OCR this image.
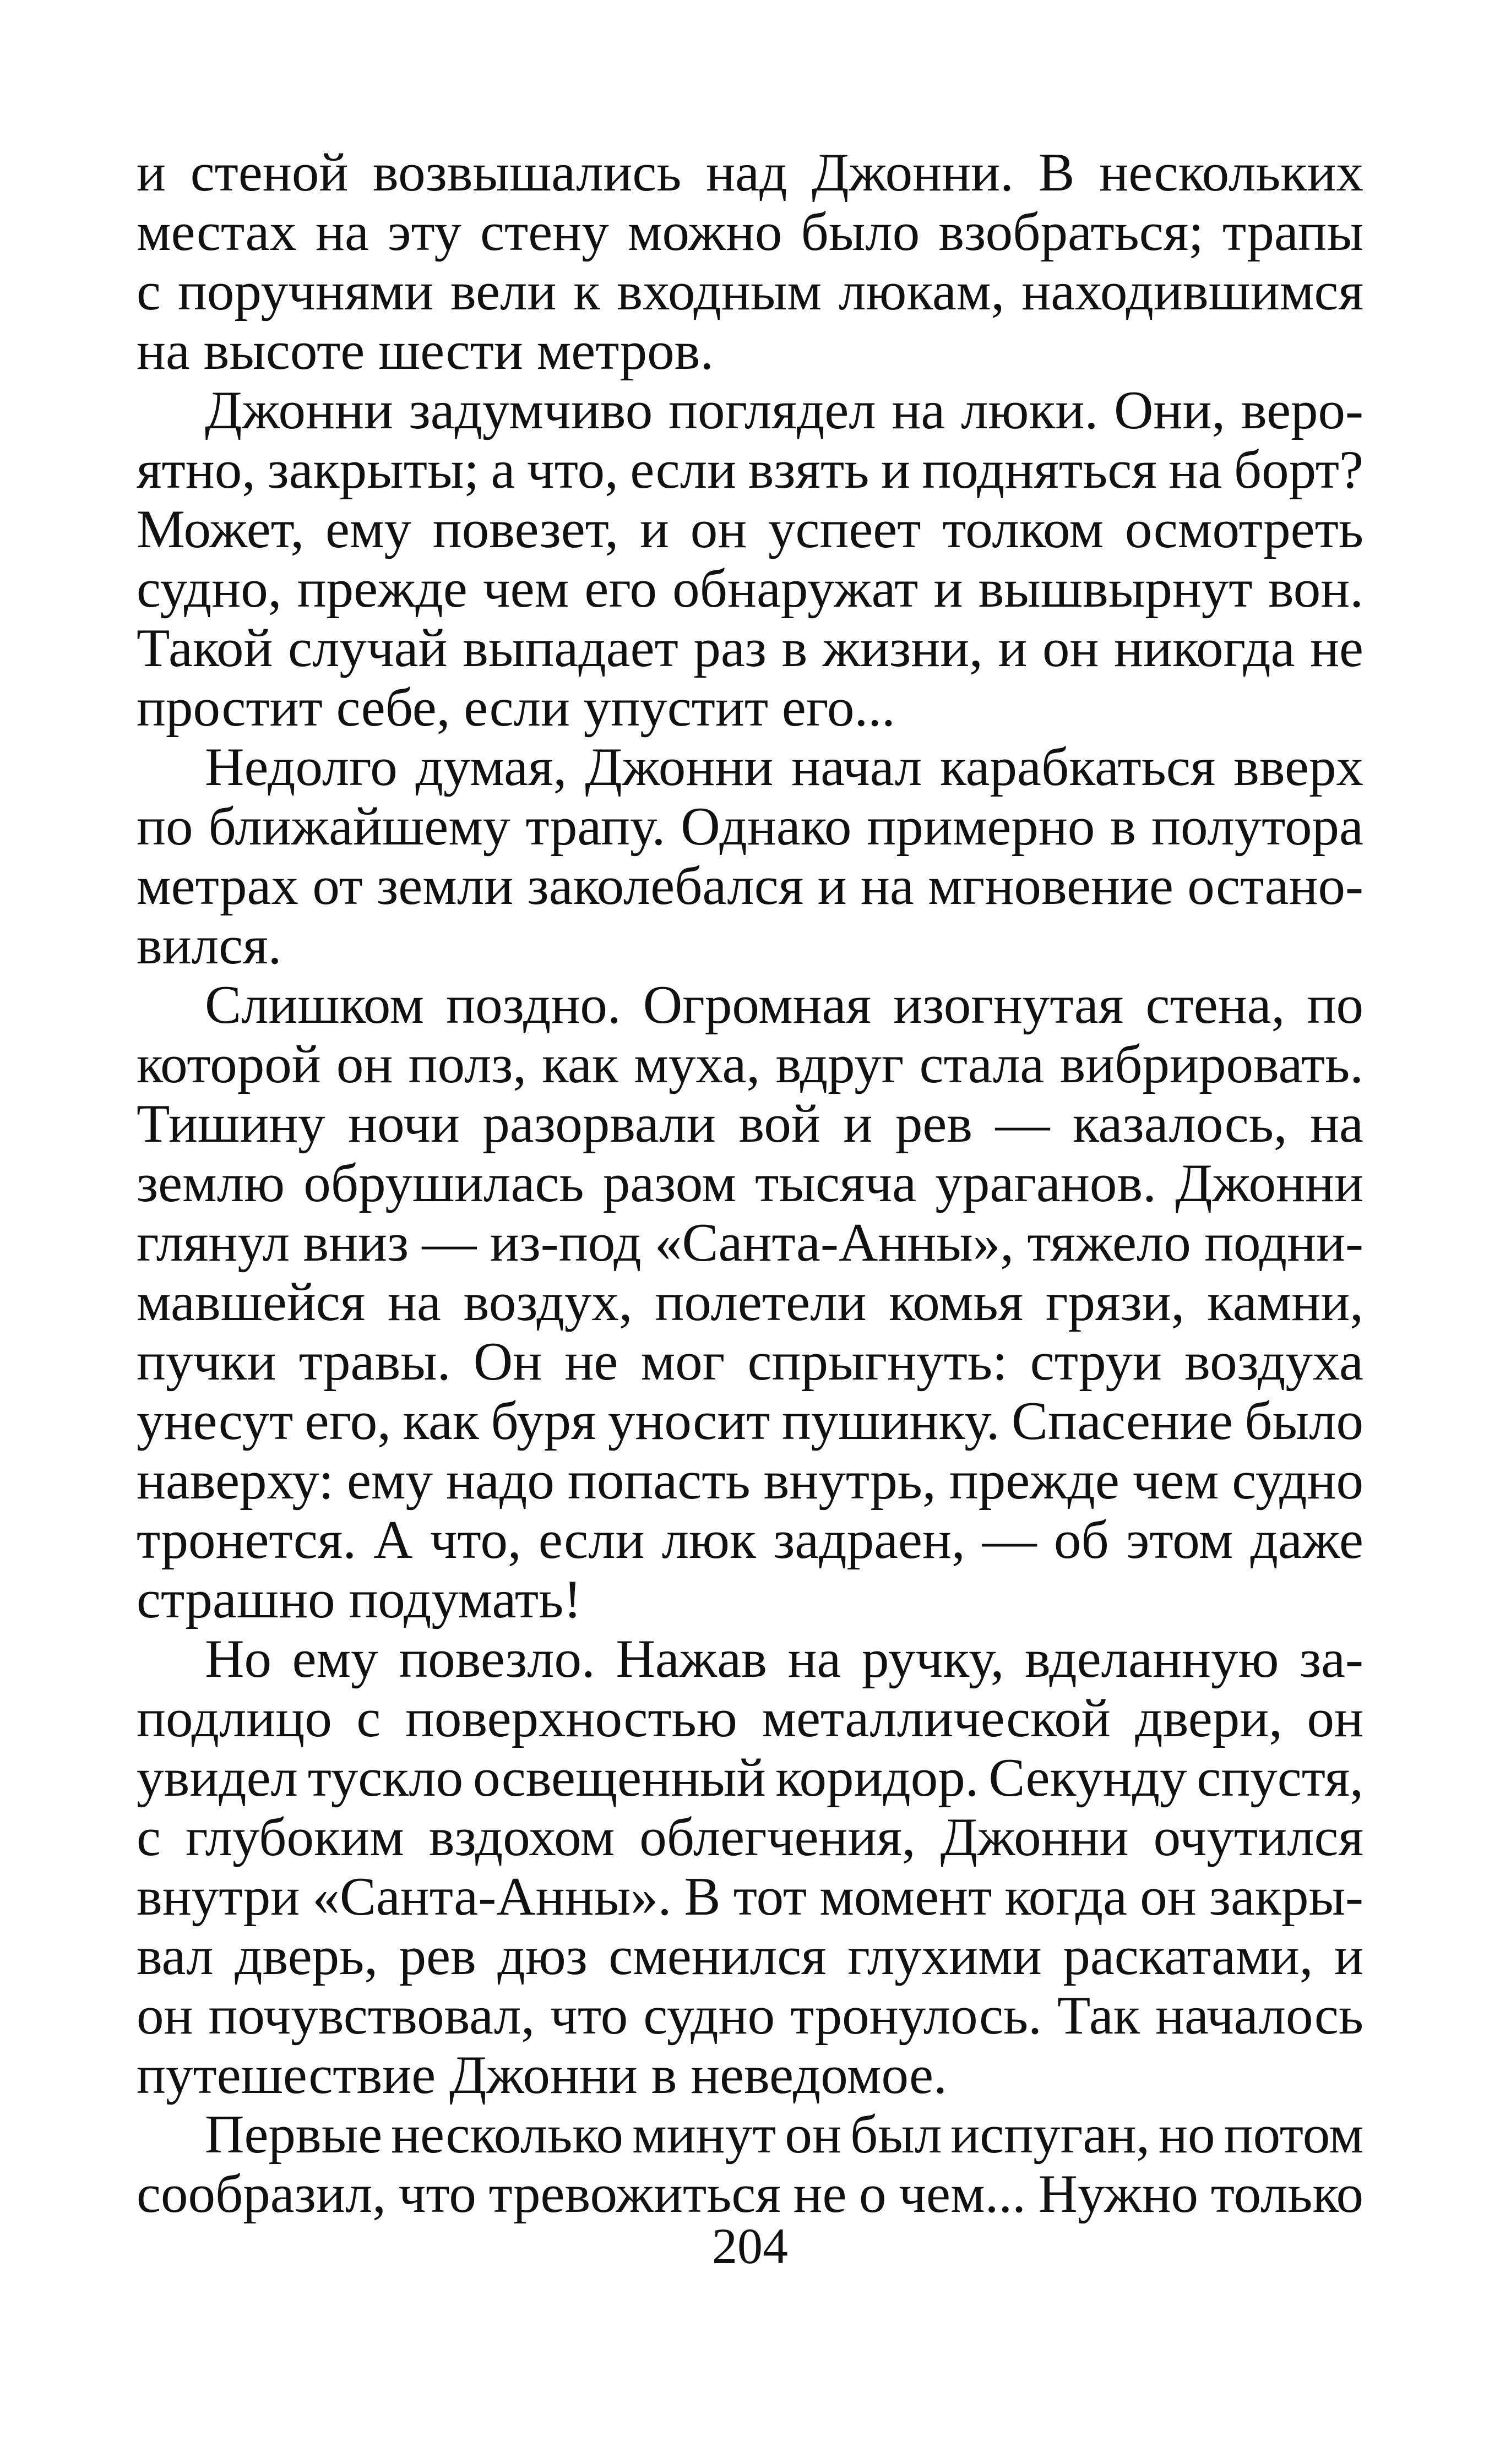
и стеной возвышались над Джонни. В нескольких
местах на эту стену можно было взобраться; трапы
с поручнями вели к входным люкам, находившимся
на высоте шести метров.
Джонни задумчиво поглядел на люки. Они, веро-
ятно, закрыты; а что, если взять и подняться на борт?
Может, ему повезет, и он успеет толком осмотреть
судно, прежде чем его обнаружат и вышвырнут вон.
Такой случай выпадает раз в жизни, и он никогда не
простит себе, если упустит его...
Недолго думая, Джонни начал карабкаться вверх
по ближайшему трапу. Однако примерно в полутора
метрах от земли заколебался и на мгновение остано-
вился.
Слишком поздно. Огромная изогнутая стена, по
которой он полз, как муха, вдруг стала вибрировать.
Тишину ночи разорвали вой и рев — казалось, на
землю обрушилась разом тысяча ураганов. Джонни
глянул вниз — из-под «Санта-Анны», тяжело подни-
мавшейся на воздух, полетели комья грязи, камни,
пучки травы. Он не мог спрыгнуть: струи воздуха
унесут его, как буря уносит пушинку. Спасение было
наверху: ему надо попасть внутрь, прежде чем судно
тронется. А что, если люк задраен, — об этом даже
страшно подумать!
Но ему повезло. Нажав на ручку, вделанную за-
подлицо с поверхностью металлической двери, он
увидел тускло освещенный коридор. Секунду спустя,
с глубоким вздохом облегчения, Джонни очутился
внутри «Санта-Анны». В тот момент когда он закры-
вал дверь, рев дюз сменился глухими раскатами, и
он почувствовал, что судно тронулось. Так началось
путешествие Джонни в неведомое.
Первые несколько минут он был испуган, но потом
сообразил, что тревожиться не о чем... Нужно только
204
